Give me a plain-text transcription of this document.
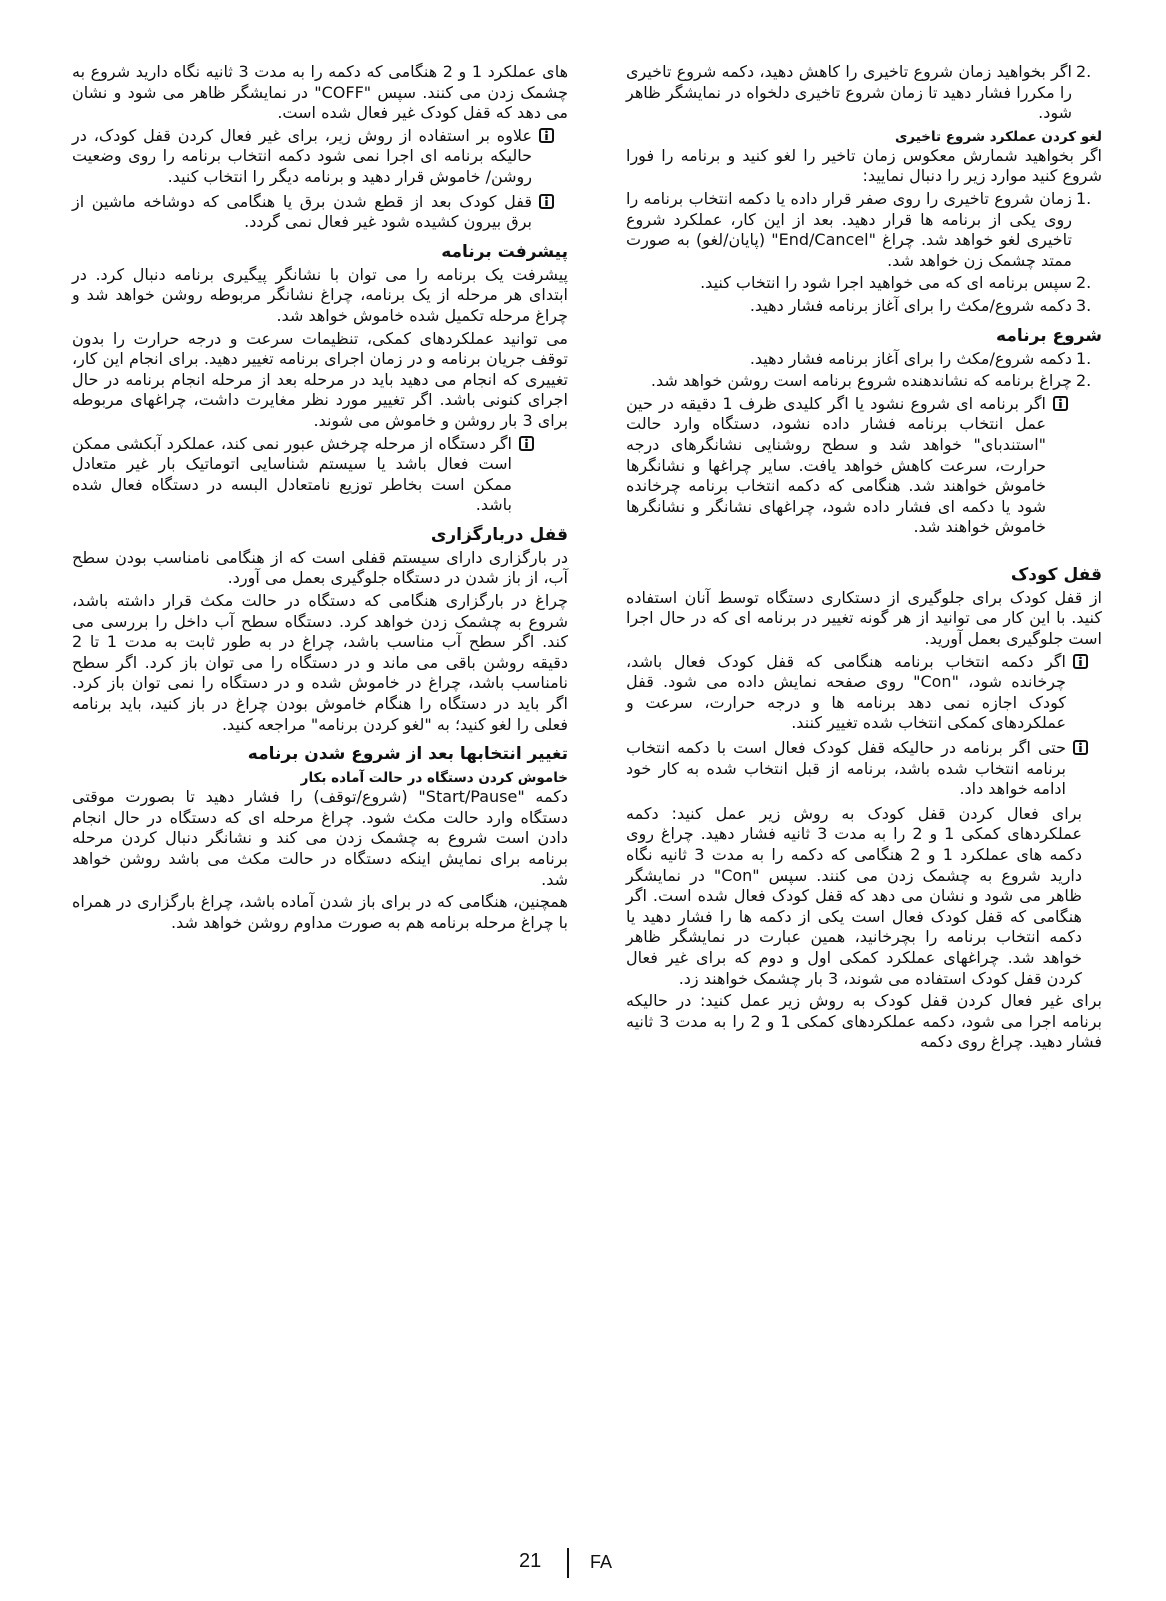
2.
اگر بخواهید زمان شروع تاخیری را کاهش دهید، دکمه شروع تاخیری را مکررا فشار دهید تا زمان شروع تاخیری دلخواه در نمایشگر ظاهر شود.
لغو کردن عملکرد شروع تاخیری

اگر بخواهید شمارش معکوس زمان تاخیر را لغو کنید و برنامه را فورا شروع کنید موارد زیر را دنبال نمایید:

1.
زمان شروع تاخیری را روی صفر قرار داده یا دکمه انتخاب برنامه را روی یکی از برنامه ها قرار دهید. بعد از این کار، عملکرد شروع تاخیری لغو خواهد شد. چراغ "End/Cancel" (پایان/لغو) به صورت ممتد چشمک زن خواهد شد.
2.
سپس برنامه ای که می خواهید اجرا شود را انتخاب کنید.
3.
دکمه شروع/مکث را برای آغاز برنامه فشار دهید.
شروع برنامه
1.
دکمه شروع/مکث را برای آغاز برنامه فشار دهید.
2.
چراغ برنامه که نشاندهنده شروع برنامه است روشن خواهد شد.
اگر برنامه ای شروع نشود یا اگر کلیدی ظرف 1 دقیقه در حین عمل انتخاب برنامه فشار داده نشود، دستگاه وارد حالت "استندبای" خواهد شد و سطح روشنایی نشانگرهای درجه حرارت، سرعت کاهش خواهد یافت. سایر چراغها و نشانگرها خاموش خواهند شد. هنگامی که دکمه انتخاب برنامه چرخانده شود یا دکمه ای فشار داده شود، چراغهای نشانگر و نشانگرها خاموش خواهند شد.
قفل کودک

از قفل کودک برای جلوگیری از دستکاری دستگاه توسط آنان استفاده کنید. با این کار می توانید از هر گونه تغییر در برنامه ای که در حال اجرا است جلوگیری بعمل آورید.

اگر دکمه انتخاب برنامه هنگامی که قفل کودک فعال باشد، چرخانده شود، "Con" روی صفحه نمایش داده می شود. قفل کودک اجازه نمی دهد برنامه ها و درجه حرارت، سرعت و عملکردهای کمکی انتخاب شده تغییر کنند.
حتی اگر برنامه در حالیکه قفل کودک فعال است با دکمه انتخاب برنامه انتخاب شده باشد، برنامه از قبل انتخاب شده به کار خود ادامه خواهد داد.

برای فعال کردن قفل کودک به روش زیر عمل کنید: دکمه عملکردهای کمکی 1 و 2 را به مدت 3 ثانیه فشار دهید. چراغ روی دکمه های عملکرد 1 و 2 هنگامی که دکمه را به مدت 3 ثانیه نگاه دارید شروع به چشمک زدن می کنند. سپس "Con" در نمایشگر ظاهر می شود و نشان می دهد که قفل کودک فعال شده است. اگر هنگامی که قفل کودک فعال است یکی از دکمه ها را فشار دهید یا دکمه انتخاب برنامه را بچرخانید، همین عبارت در نمایشگر ظاهر خواهد شد. چراغهای عملکرد کمکی اول و دوم که برای غیر فعال کردن قفل کودک استفاده می شوند، 3 بار چشمک خواهند زد.

برای غیر فعال کردن قفل کودک به روش زیر عمل کنید: در حالیکه برنامه اجرا می شود، دکمه عملکردهای کمکی 1 و 2 را به مدت 3 ثانیه فشار دهید. چراغ روی دکمه

های عملکرد 1 و 2 هنگامی که دکمه را به مدت 3 ثانیه نگاه دارید شروع به چشمک زدن می کنند. سپس "COFF" در نمایشگر ظاهر می شود و نشان می دهد که قفل کودک غیر فعال شده است.

علاوه بر استفاده از روش زیر، برای غیر فعال کردن قفل کودک، در حالیکه برنامه ای اجرا نمی شود دکمه انتخاب برنامه را روی وضعیت روشن/ خاموش قرار دهید و برنامه دیگر را انتخاب کنید.
قفل کودک بعد از قطع شدن برق یا هنگامی که دوشاخه ماشین از برق بیرون کشیده شود غیر فعال نمی گردد.
پیشرفت برنامه

پیشرفت یک برنامه را می توان با نشانگر پیگیری برنامه دنبال کرد. در ابتدای هر مرحله از یک برنامه، چراغ نشانگر مربوطه روشن خواهد شد و چراغ مرحله تکمیل شده خاموش خواهد شد.

می توانید عملکردهای کمکی، تنظیمات سرعت و درجه حرارت را بدون توقف جریان برنامه و در زمان اجرای برنامه تغییر دهید. برای انجام این کار، تغییری که انجام می دهید باید در مرحله بعد از مرحله انجام برنامه در حال اجرای کنونی باشد. اگر تغییر مورد نظر مغایرت داشت، چراغهای مربوطه برای 3 بار روشن و خاموش می شوند.

اگر دستگاه از مرحله چرخش عبور نمی کند، عملکرد آبکشی ممکن است فعال باشد یا سیستم شناسایی اتوماتیک بار غیر متعادل ممکن است بخاطر توزیع نامتعادل البسه در دستگاه فعال شده باشد.
قفل دربارگزاری

در بارگزاری دارای سیستم قفلی است که از هنگامی نامناسب بودن سطح آب، از باز شدن در دستگاه جلوگیری بعمل می آورد.

چراغ در بارگزاری هنگامی که دستگاه در حالت مکث قرار داشته باشد، شروع به چشمک زدن خواهد کرد. دستگاه سطح آب داخل را بررسی می کند. اگر سطح آب مناسب باشد، چراغ در به طور ثابت به مدت 1 تا 2 دقیقه روشن باقی می ماند و در دستگاه را می توان باز کرد. اگر سطح نامناسب باشد، چراغ در خاموش شده و در دستگاه را نمی توان باز کرد. اگر باید در دستگاه را هنگام خاموش بودن چراغ در باز کنید، باید برنامه فعلی را لغو کنید؛ به "لغو کردن برنامه" مراجعه کنید.

تغییر انتخابها بعد از شروع شدن برنامه
خاموش کردن دستگاه در حالت آماده بکار

دکمه "Start/Pause" (شروع/توقف) را فشار دهید تا بصورت موقتی دستگاه وارد حالت مکث شود. چراغ مرحله ای که دستگاه در حال انجام دادن است شروع به چشمک زدن می کند و نشانگر دنبال کردن مرحله برنامه برای نمایش اینکه دستگاه در حالت مکث می باشد روشن خواهد شد.

همچنین، هنگامی که در برای باز شدن آماده باشد، چراغ بارگزاری در همراه با چراغ مرحله برنامه هم به صورت مداوم روشن خواهد شد.

21	FA
